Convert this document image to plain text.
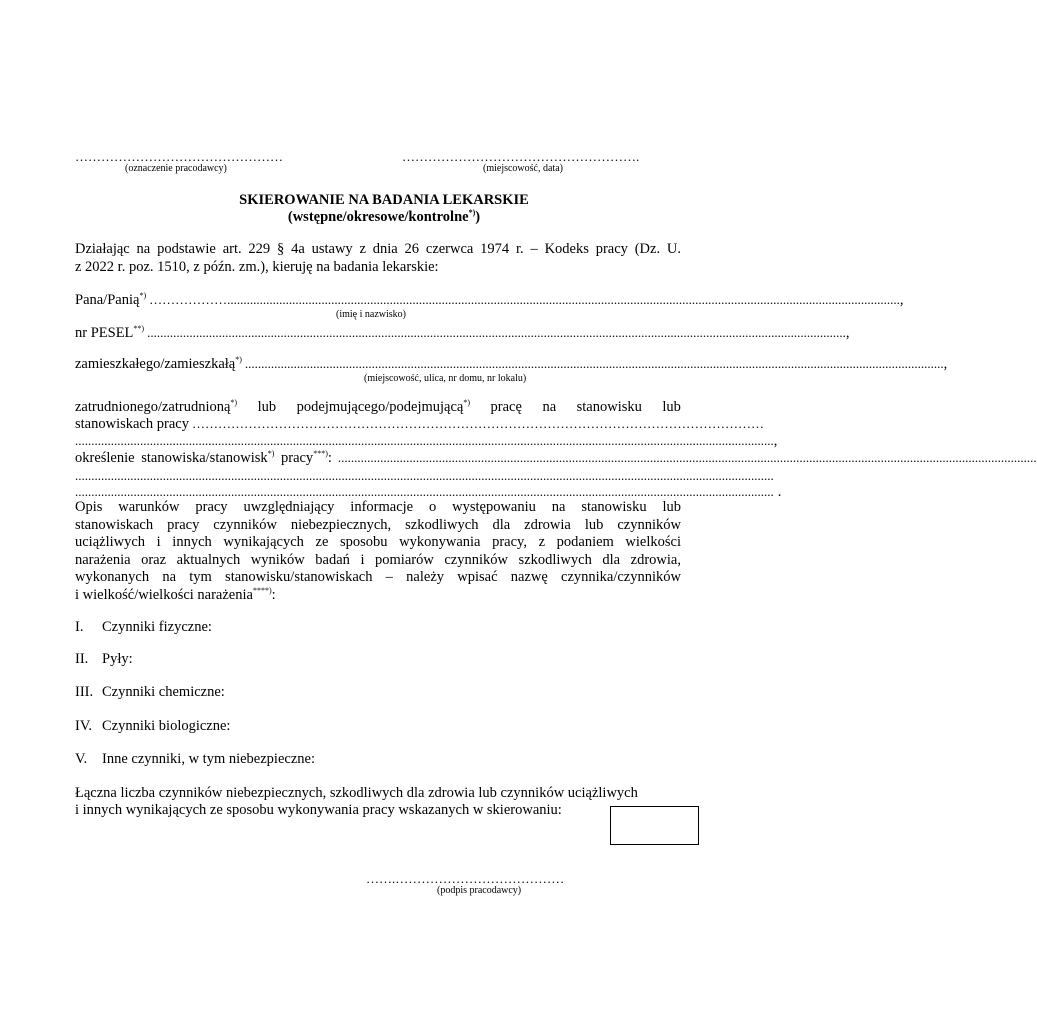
…………………………………………
(oznaczenie pracodawcy)
……………………………………………….
(miejscowość, data)
SKIEROWANIE NA BADANIA LEKARSKIE
(wstępne/okresowe/kontrolne*))
Działając na podstawie art. 229 § 4a ustawy z dnia 26 czerwca 1974 r. – Kodeks pracy (Dz. U.
z 2022 r. poz. 1510, z późn. zm.), kieruję na badania lekarskie:
Pana/Panią*) ………………............................................................................................................................................................................................................... ,
(imię i nazwisko)
nr PESEL**) ....................................................................................................................................................................................................................... ,
zamieszkałego/zamieszkałą*) ....................................................................................................................................................................................................................... ,
(miejscowość, ulica, nr domu, nr lokalu)
zatrudnionego/zatrudnioną*) lub podejmującego/podejmującą*) pracę na stanowisku lub
stanowiskach pracy ……………………………………………………………………………………………………………………
....................................................................................................................................................................................................................... ,
określenie stanowiska/stanowisk*) pracy***): .......................................................................................................................................................................................................................
.......................................................................................................................................................................................................................
....................................................................................................................................................................................................................... .
Opis warunków pracy uwzględniający informacje o występowaniu na stanowisku lub
stanowiskach pracy czynników niebezpiecznych, szkodliwych dla zdrowia lub czynników
uciążliwych i innych wynikających ze sposobu wykonywania pracy, z podaniem wielkości
narażenia oraz aktualnych wyników badań i pomiarów czynników szkodliwych dla zdrowia,
wykonanych na tym stanowisku/stanowiskach – należy wpisać nazwę czynnika/czynników
i wielkość/wielkości narażenia****):
I. Czynniki fizyczne:
II. Pyły:
III. Czynniki chemiczne:
IV. Czynniki biologiczne:
V. Inne czynniki, w tym niebezpieczne:
Łączna liczba czynników niebezpiecznych, szkodliwych dla zdrowia lub czynników uciążliwych
i innych wynikających ze sposobu wykonywania pracy wskazanych w skierowaniu:
…….…………………………………
(podpis pracodawcy)
